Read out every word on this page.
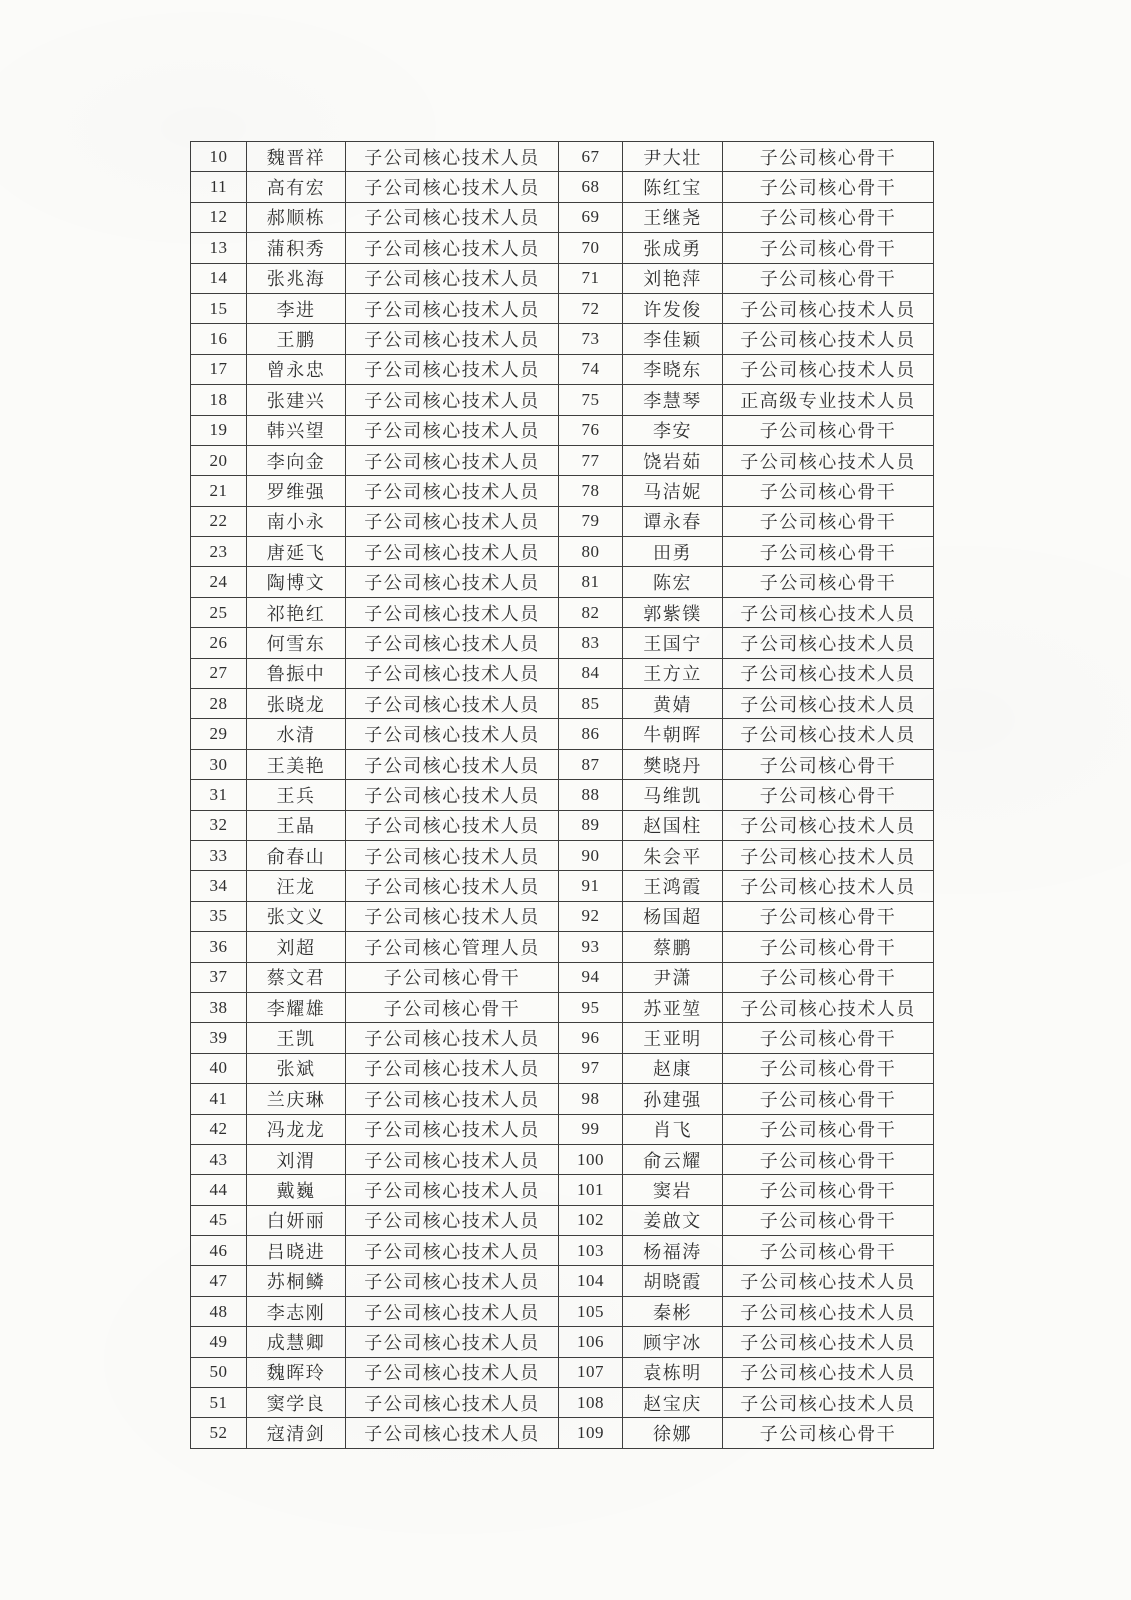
10	魏晋祥	子公司核心技术人员	67	尹大壮	子公司核心骨干
11	高有宏	子公司核心技术人员	68	陈红宝	子公司核心骨干
12	郝顺栋	子公司核心技术人员	69	王继尧	子公司核心骨干
13	蒲积秀	子公司核心技术人员	70	张成勇	子公司核心骨干
14	张兆海	子公司核心技术人员	71	刘艳萍	子公司核心骨干
15	李进	子公司核心技术人员	72	许发俊	子公司核心技术人员
16	王鹏	子公司核心技术人员	73	李佳颖	子公司核心技术人员
17	曾永忠	子公司核心技术人员	74	李晓东	子公司核心技术人员
18	张建兴	子公司核心技术人员	75	李慧琴	正高级专业技术人员
19	韩兴望	子公司核心技术人员	76	李安	子公司核心骨干
20	李向金	子公司核心技术人员	77	饶岩茹	子公司核心技术人员
21	罗维强	子公司核心技术人员	78	马洁妮	子公司核心骨干
22	南小永	子公司核心技术人员	79	谭永春	子公司核心骨干
23	唐延飞	子公司核心技术人员	80	田勇	子公司核心骨干
24	陶博文	子公司核心技术人员	81	陈宏	子公司核心骨干
25	祁艳红	子公司核心技术人员	82	郭紫镤	子公司核心技术人员
26	何雪东	子公司核心技术人员	83	王国宁	子公司核心技术人员
27	鲁振中	子公司核心技术人员	84	王方立	子公司核心技术人员
28	张晓龙	子公司核心技术人员	85	黄婧	子公司核心技术人员
29	水清	子公司核心技术人员	86	牛朝晖	子公司核心技术人员
30	王美艳	子公司核心技术人员	87	樊晓丹	子公司核心骨干
31	王兵	子公司核心技术人员	88	马维凯	子公司核心骨干
32	王晶	子公司核心技术人员	89	赵国柱	子公司核心技术人员
33	俞春山	子公司核心技术人员	90	朱会平	子公司核心技术人员
34	汪龙	子公司核心技术人员	91	王鸿霞	子公司核心技术人员
35	张文义	子公司核心技术人员	92	杨国超	子公司核心骨干
36	刘超	子公司核心管理人员	93	蔡鹏	子公司核心骨干
37	蔡文君	子公司核心骨干	94	尹潇	子公司核心骨干
38	李耀雄	子公司核心骨干	95	苏亚堃	子公司核心技术人员
39	王凯	子公司核心技术人员	96	王亚明	子公司核心骨干
40	张斌	子公司核心技术人员	97	赵康	子公司核心骨干
41	兰庆琳	子公司核心技术人员	98	孙建强	子公司核心骨干
42	冯龙龙	子公司核心技术人员	99	肖飞	子公司核心骨干
43	刘渭	子公司核心技术人员	100	俞云耀	子公司核心骨干
44	戴巍	子公司核心技术人员	101	窦岩	子公司核心骨干
45	白妍丽	子公司核心技术人员	102	姜啟文	子公司核心骨干
46	吕晓进	子公司核心技术人员	103	杨福涛	子公司核心骨干
47	苏桐鳞	子公司核心技术人员	104	胡晓霞	子公司核心技术人员
48	李志刚	子公司核心技术人员	105	秦彬	子公司核心技术人员
49	成慧卿	子公司核心技术人员	106	顾宇冰	子公司核心技术人员
50	魏晖玲	子公司核心技术人员	107	袁栋明	子公司核心技术人员
51	窦学良	子公司核心技术人员	108	赵宝庆	子公司核心技术人员
52	寇清剑	子公司核心技术人员	109	徐娜	子公司核心骨干
